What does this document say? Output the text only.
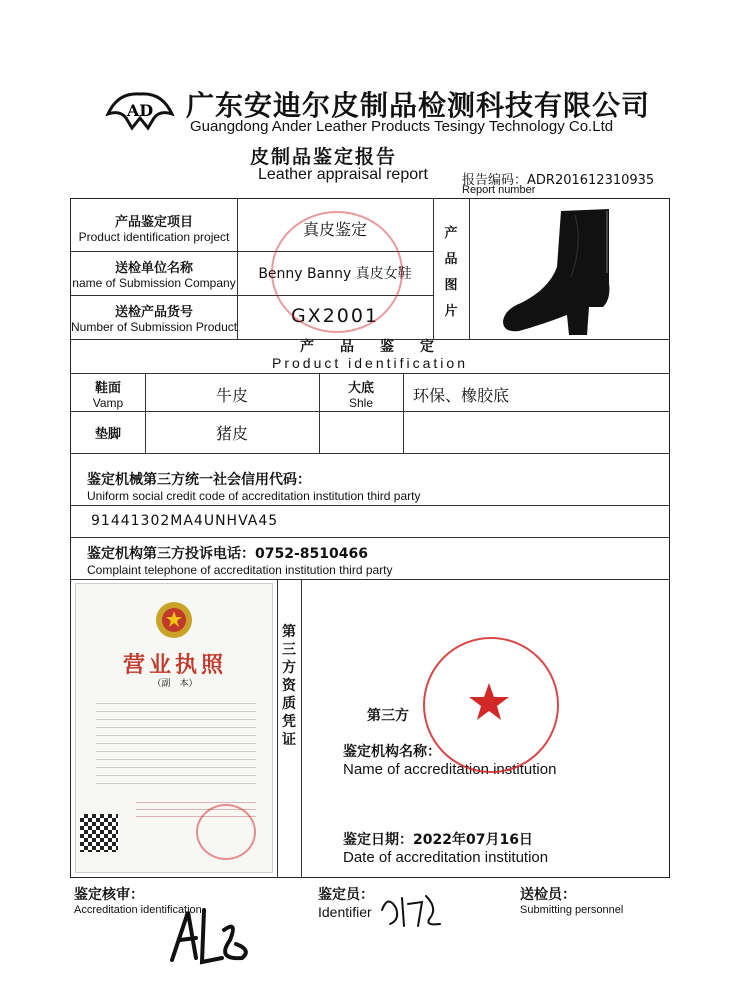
AD 广东安迪尔皮制品检测科技有限公司
Guangdong Ander Leather Products Tesingy Technology Co.Ltd
皮制品鉴定报告
Leather appraisal report	报告编码：ADR201612310935
Report number
产品鉴定项目
Product identification project	真皮鉴定
送检单位名称
name of Submission Company
Benny Banny 真皮女鞋
送检产品货号
Number of Submission Product	GX2001
产
品
图
片
产　品　鉴　定
Product identification
鞋面
Vamp	牛皮	大底
Shle	环保、橡胶底
垫脚	猪皮
鉴定机械第三方统一社会信用代码：
Uniform social credit code of accreditation institution third party
91441302MA4UNHVA45
鉴定机构第三方投诉电话：0752-8510466
Complaint telephone of accreditation institution third party
营业执照
（副　本）
第
三
方
资
质
凭
证
第三方
鉴定机构名称：
Name of accreditation institution
鉴定日期：2022年07月16日
Date of accreditation institution
鉴定核审：
Accreditation identification
鉴定员：
Identifier
送检员：
Submitting personnel
